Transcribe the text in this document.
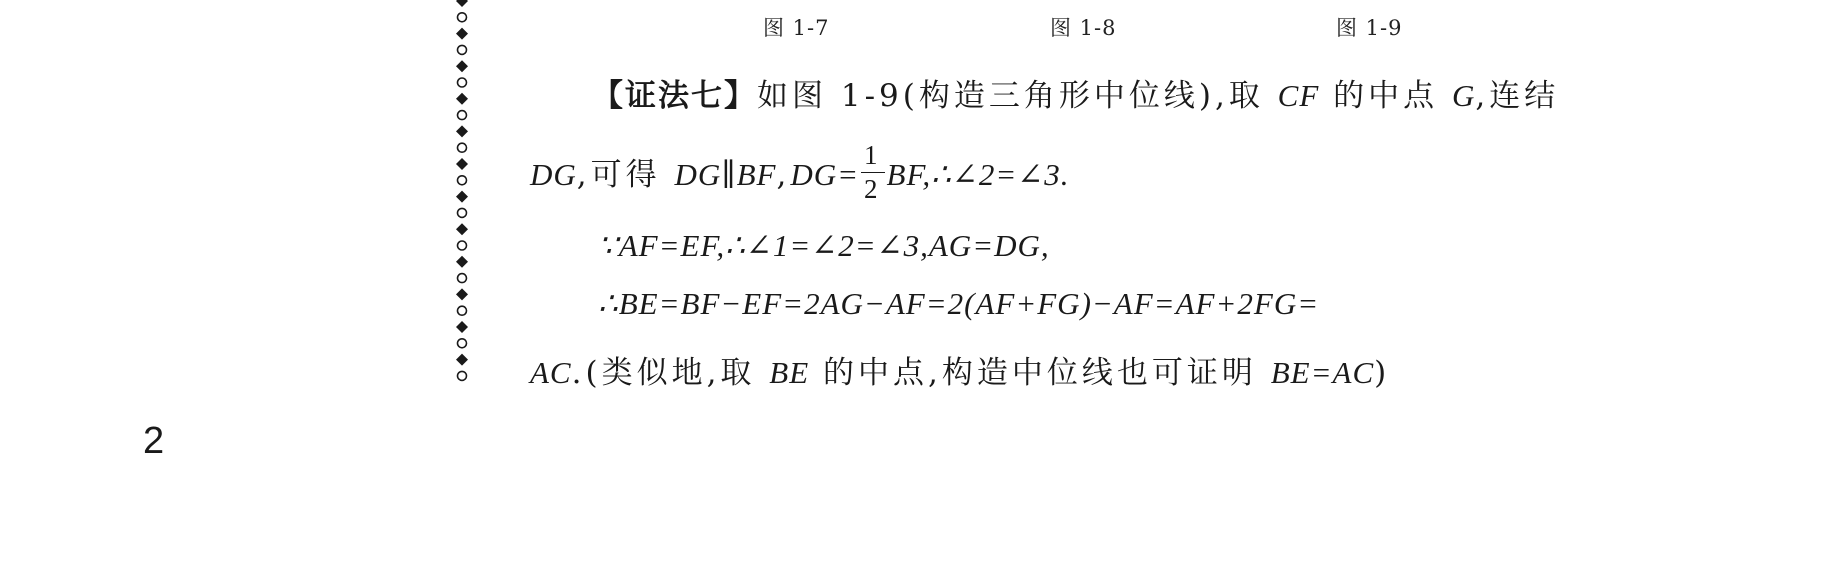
图 1-7	图 1-8	图 1-9
【证法七】如图 1-9(构造三角形中位线),取 CF 的中点 G,连结
DG,可得 DG∥BF,DG= $\frac{1}{2}$ BF,∴∠2=∠3.
∵AF=EF,∴∠1=∠2=∠3,AG=DG,
∴BE=BF−EF=2AG−AF=2(AF+FG)−AF=AF+2FG=
AC.(类似地,取 BE 的中点,构造中位线也可证明 BE=AC)
2
